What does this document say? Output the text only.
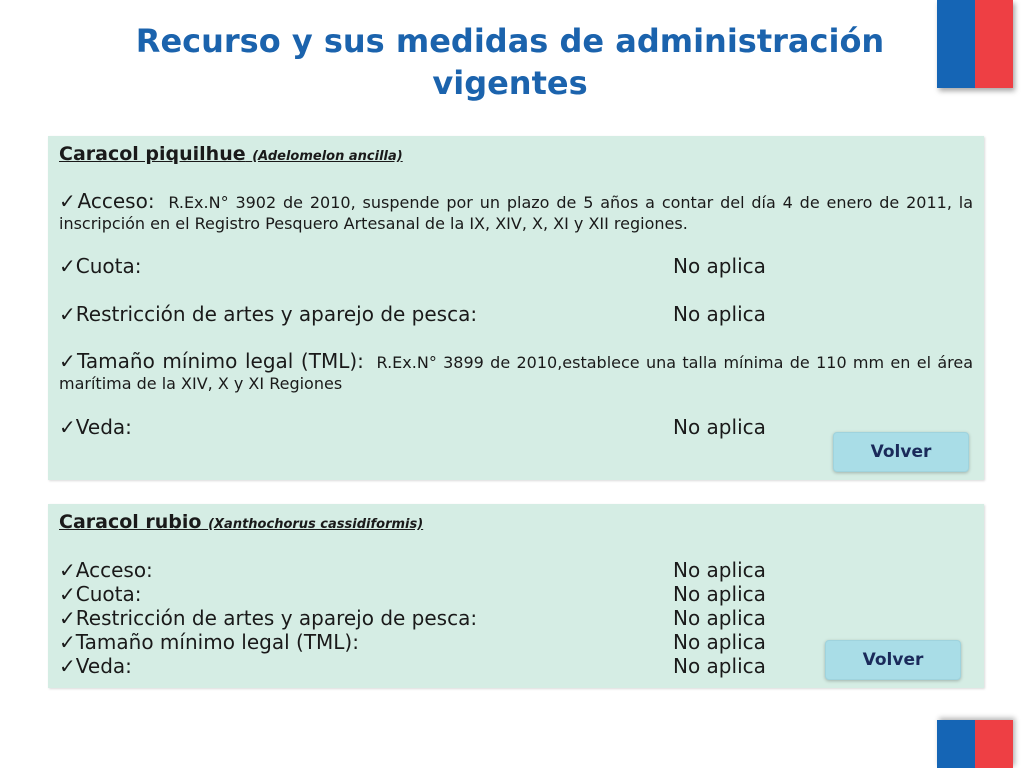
Recurso y sus medidas de administración
vigentes
Caracol piquilhue (Adelomelon ancilla)
✓Acceso: R.Ex.N° 3902 de 2010, suspende por un plazo de 5 años a contar del día 4 de enero de 2011, la inscripción en el Registro Pesquero Artesanal de la IX, XIV, X, XI y XII regiones.
✓Cuota:	No aplica
✓Restricción de artes y aparejo de pesca:	No aplica
✓Tamaño mínimo legal (TML): R.Ex.N° 3899 de 2010,establece una talla mínima de 110 mm en el área marítima de la XIV, X y XI Regiones
✓Veda:	No aplica
Volver
Caracol rubio (Xanthochorus cassidiformis)
✓Acceso:	No aplica
✓Cuota:	No aplica
✓Restricción de artes y aparejo de pesca:	No aplica
✓Tamaño mínimo legal (TML):	No aplica
✓Veda:	No aplica	Volver
